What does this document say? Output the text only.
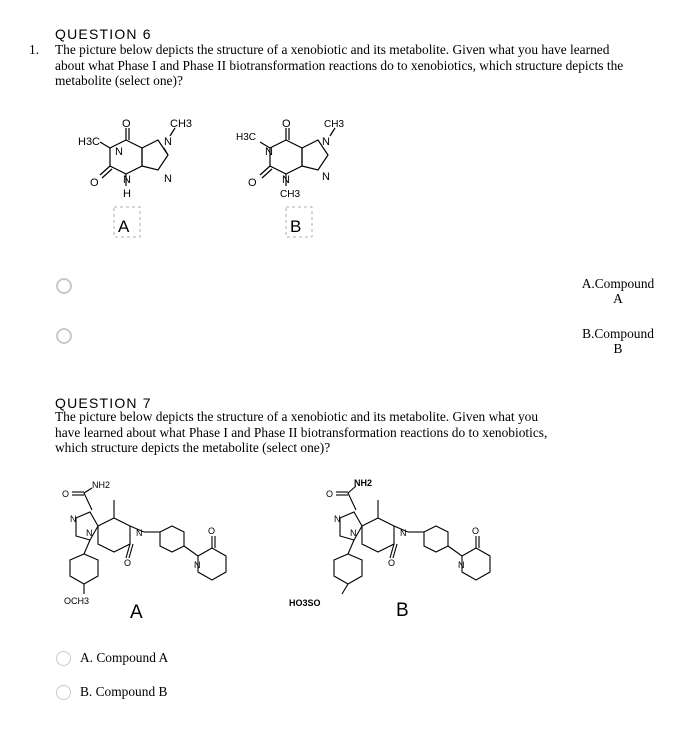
QUESTION 6
1. The picture below depicts the structure of a xenobiotic and its metabolite. Given what you have learned
about what Phase I and Phase II biotransformation reactions do to xenobiotics, which structure depicts the
metabolite (select one)?
H3C
O	CH3
N
N
N
N
O
H
A
H3C
O	CH3
N
N
N
N
O
CH3
B
A.Compound
A
B.Compound
B
QUESTION 7
The picture below depicts the structure of a xenobiotic and its metabolite. Given what you
have learned about what Phase I and Phase II biotransformation reactions do to xenobiotics,
which structure depicts the metabolite (select one)?
NH2
O
N
N	N
O	N
O
OCH3
A
NH2
O
N
N	N
O	N
O
HO3SO	B
A. Compound A
B. Compound B
